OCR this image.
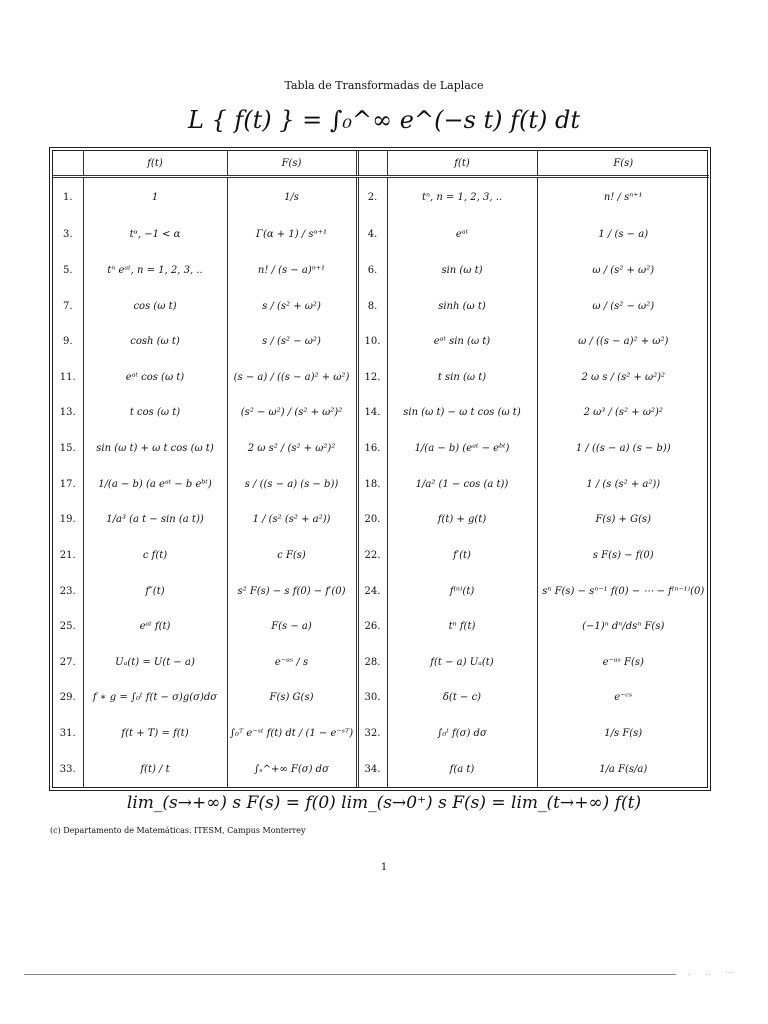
Tabla de Transformadas de Laplace
L { f(t) } = ∫₀^∞ e^(−s t) f(t) dt
	f(t)	F(s)		f(t)	F(s)
1.	1	1/s	2.	tⁿ, n = 1, 2, 3, ..	n! / sⁿ⁺¹
3.	tᵅ, −1 < α	Γ(α + 1) / sᵅ⁺¹	4.	eᵃᵗ	1 / (s − a)
5.	tⁿ eᵃᵗ, n = 1, 2, 3, ..	n! / (s − a)ⁿ⁺¹	6.	sin (ω t)	ω / (s² + ω²)
7.	cos (ω t)	s / (s² + ω²)	8.	sinh (ω t)	ω / (s² − ω²)
9.	cosh (ω t)	s / (s² − ω²)	10.	eᵃᵗ sin (ω t)	ω / ((s − a)² + ω²)
11.	eᵃᵗ cos (ω t)	(s − a) / ((s − a)² + ω²)	12.	t sin (ω t)	2 ω s / (s² + ω²)²
13.	t cos (ω t)	(s² − ω²) / (s² + ω²)²	14.	sin (ω t) − ω t cos (ω t)	2 ω³ / (s² + ω²)²
15.	sin (ω t) + ω t cos (ω t)	2 ω s² / (s² + ω²)²	16.	1/(a − b) (eᵃᵗ − eᵇᵗ)	1 / ((s − a) (s − b))
17.	1/(a − b) (a eᵃᵗ − b eᵇᵗ)	s / ((s − a) (s − b))	18.	1/a² (1 − cos (a t))	1 / (s (s² + a²))
19.	1/a³ (a t − sin (a t))	1 / (s² (s² + a²))	20.	f(t) + g(t)	F(s) + G(s)
21.	c f(t)	c F(s)	22.	f′(t)	s F(s) − f(0)
23.	f″(t)	s² F(s) − s f(0) − f′(0)	24.	f⁽ⁿ⁾(t)	sⁿ F(s) − sⁿ⁻¹ f(0) − ⋯ − f⁽ⁿ⁻¹⁾(0)
25.	eᵃᵗ f(t)	F(s − a)	26.	tⁿ f(t)	(−1)ⁿ dⁿ/dsⁿ F(s)
27.	Uₐ(t) = U(t − a)	e⁻ᵃˢ / s	28.	f(t − a) Uₐ(t)	e⁻ᵃˢ F(s)
29.	f ∗ g = ∫₀ᵗ f(t − σ)g(σ)dσ	F(s) G(s)	30.	δ(t − c)	e⁻ᶜˢ
31.	f(t + T) = f(t)	∫₀ᵀ e⁻ˢᵗ f(t) dt / (1 − e⁻ˢᵀ)	32.	∫₀ᵗ f(σ) dσ	1/s F(s)
33.	f(t) / t	∫ₛ^+∞ F(σ) dσ	34.	f(a t)	1/a F(s/a)
lim_(s→+∞) s F(s) = f(0) lim_(s→0⁺) s F(s) = lim_(t→+∞) f(t)
(c) Departamento de Matemáticas. ITESM, Campus Monterrey
1
. ‥ ⋯
